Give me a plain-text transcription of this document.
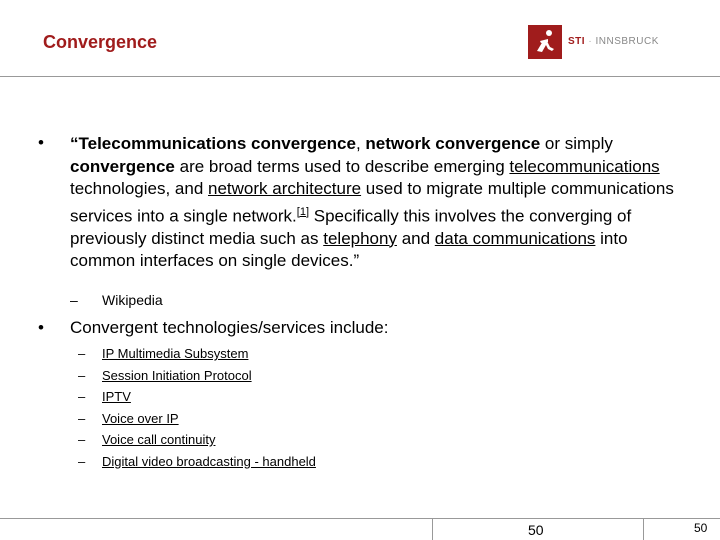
Convergence	STI · INNSBRUCK
• “Telecommunications convergence, network convergence or simply convergence are broad terms used to describe emerging telecommunications technologies, and network architecture used to migrate multiple communications services into a single network.[1] Specifically this involves the converging of previously distinct media such as telephony and data communications into common interfaces on single devices.”
– Wikipedia
• Convergent technologies/services include:
– IP Multimedia Subsystem
– Session Initiation Protocol
– IPTV
– Voice over IP
– Voice call continuity
– Digital video broadcasting - handheld
50	50
